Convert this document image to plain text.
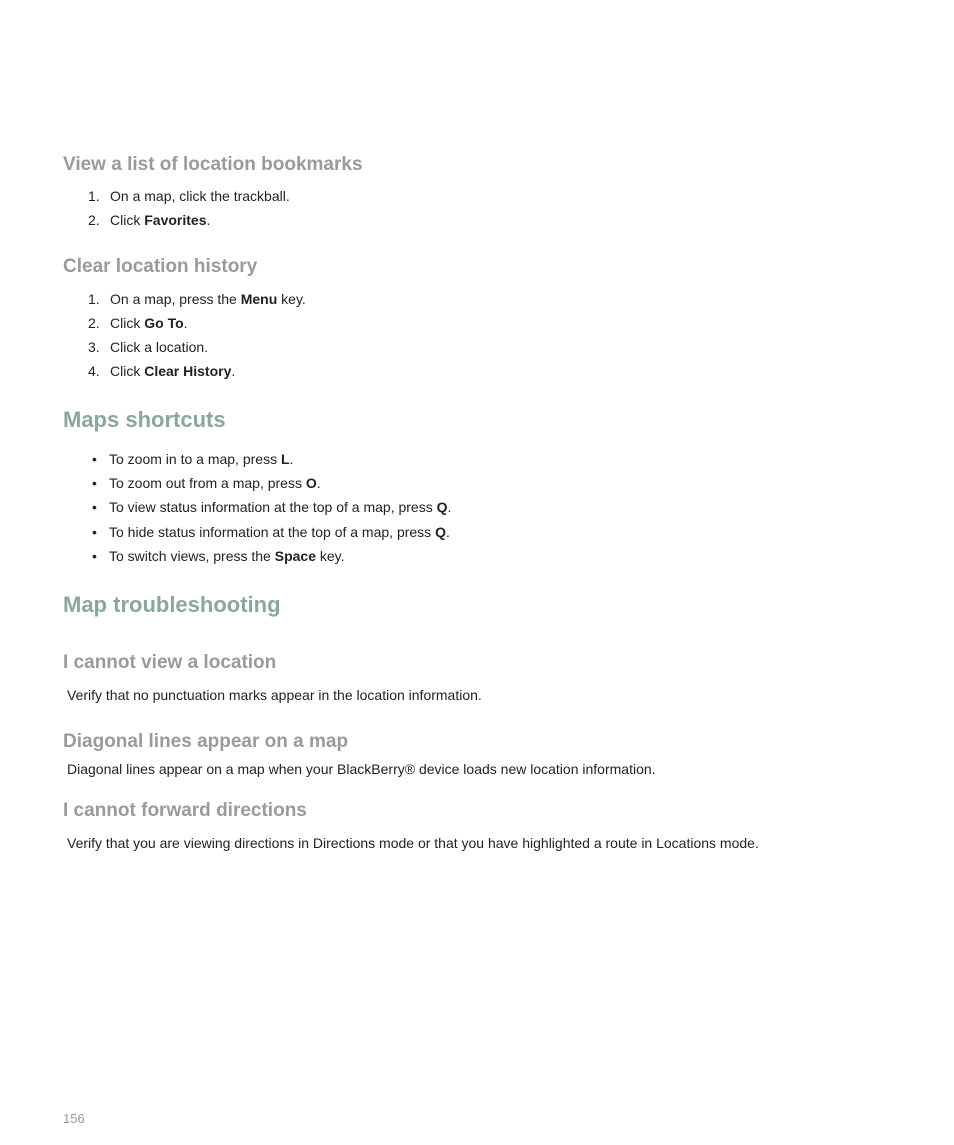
View a list of location bookmarks
1. On a map, click the trackball.
2. Click Favorites.
Clear location history
1. On a map, press the Menu key.
2. Click Go To.
3. Click a location.
4. Click Clear History.
Maps shortcuts
• To zoom in to a map, press L.
• To zoom out from a map, press O.
• To view status information at the top of a map, press Q.
• To hide status information at the top of a map, press Q.
• To switch views, press the Space key.
Map troubleshooting
I cannot view a location
Verify that no punctuation marks appear in the location information.
Diagonal lines appear on a map
Diagonal lines appear on a map when your BlackBerry® device loads new location information.
I cannot forward directions
Verify that you are viewing directions in Directions mode or that you have highlighted a route in Locations mode.
156
